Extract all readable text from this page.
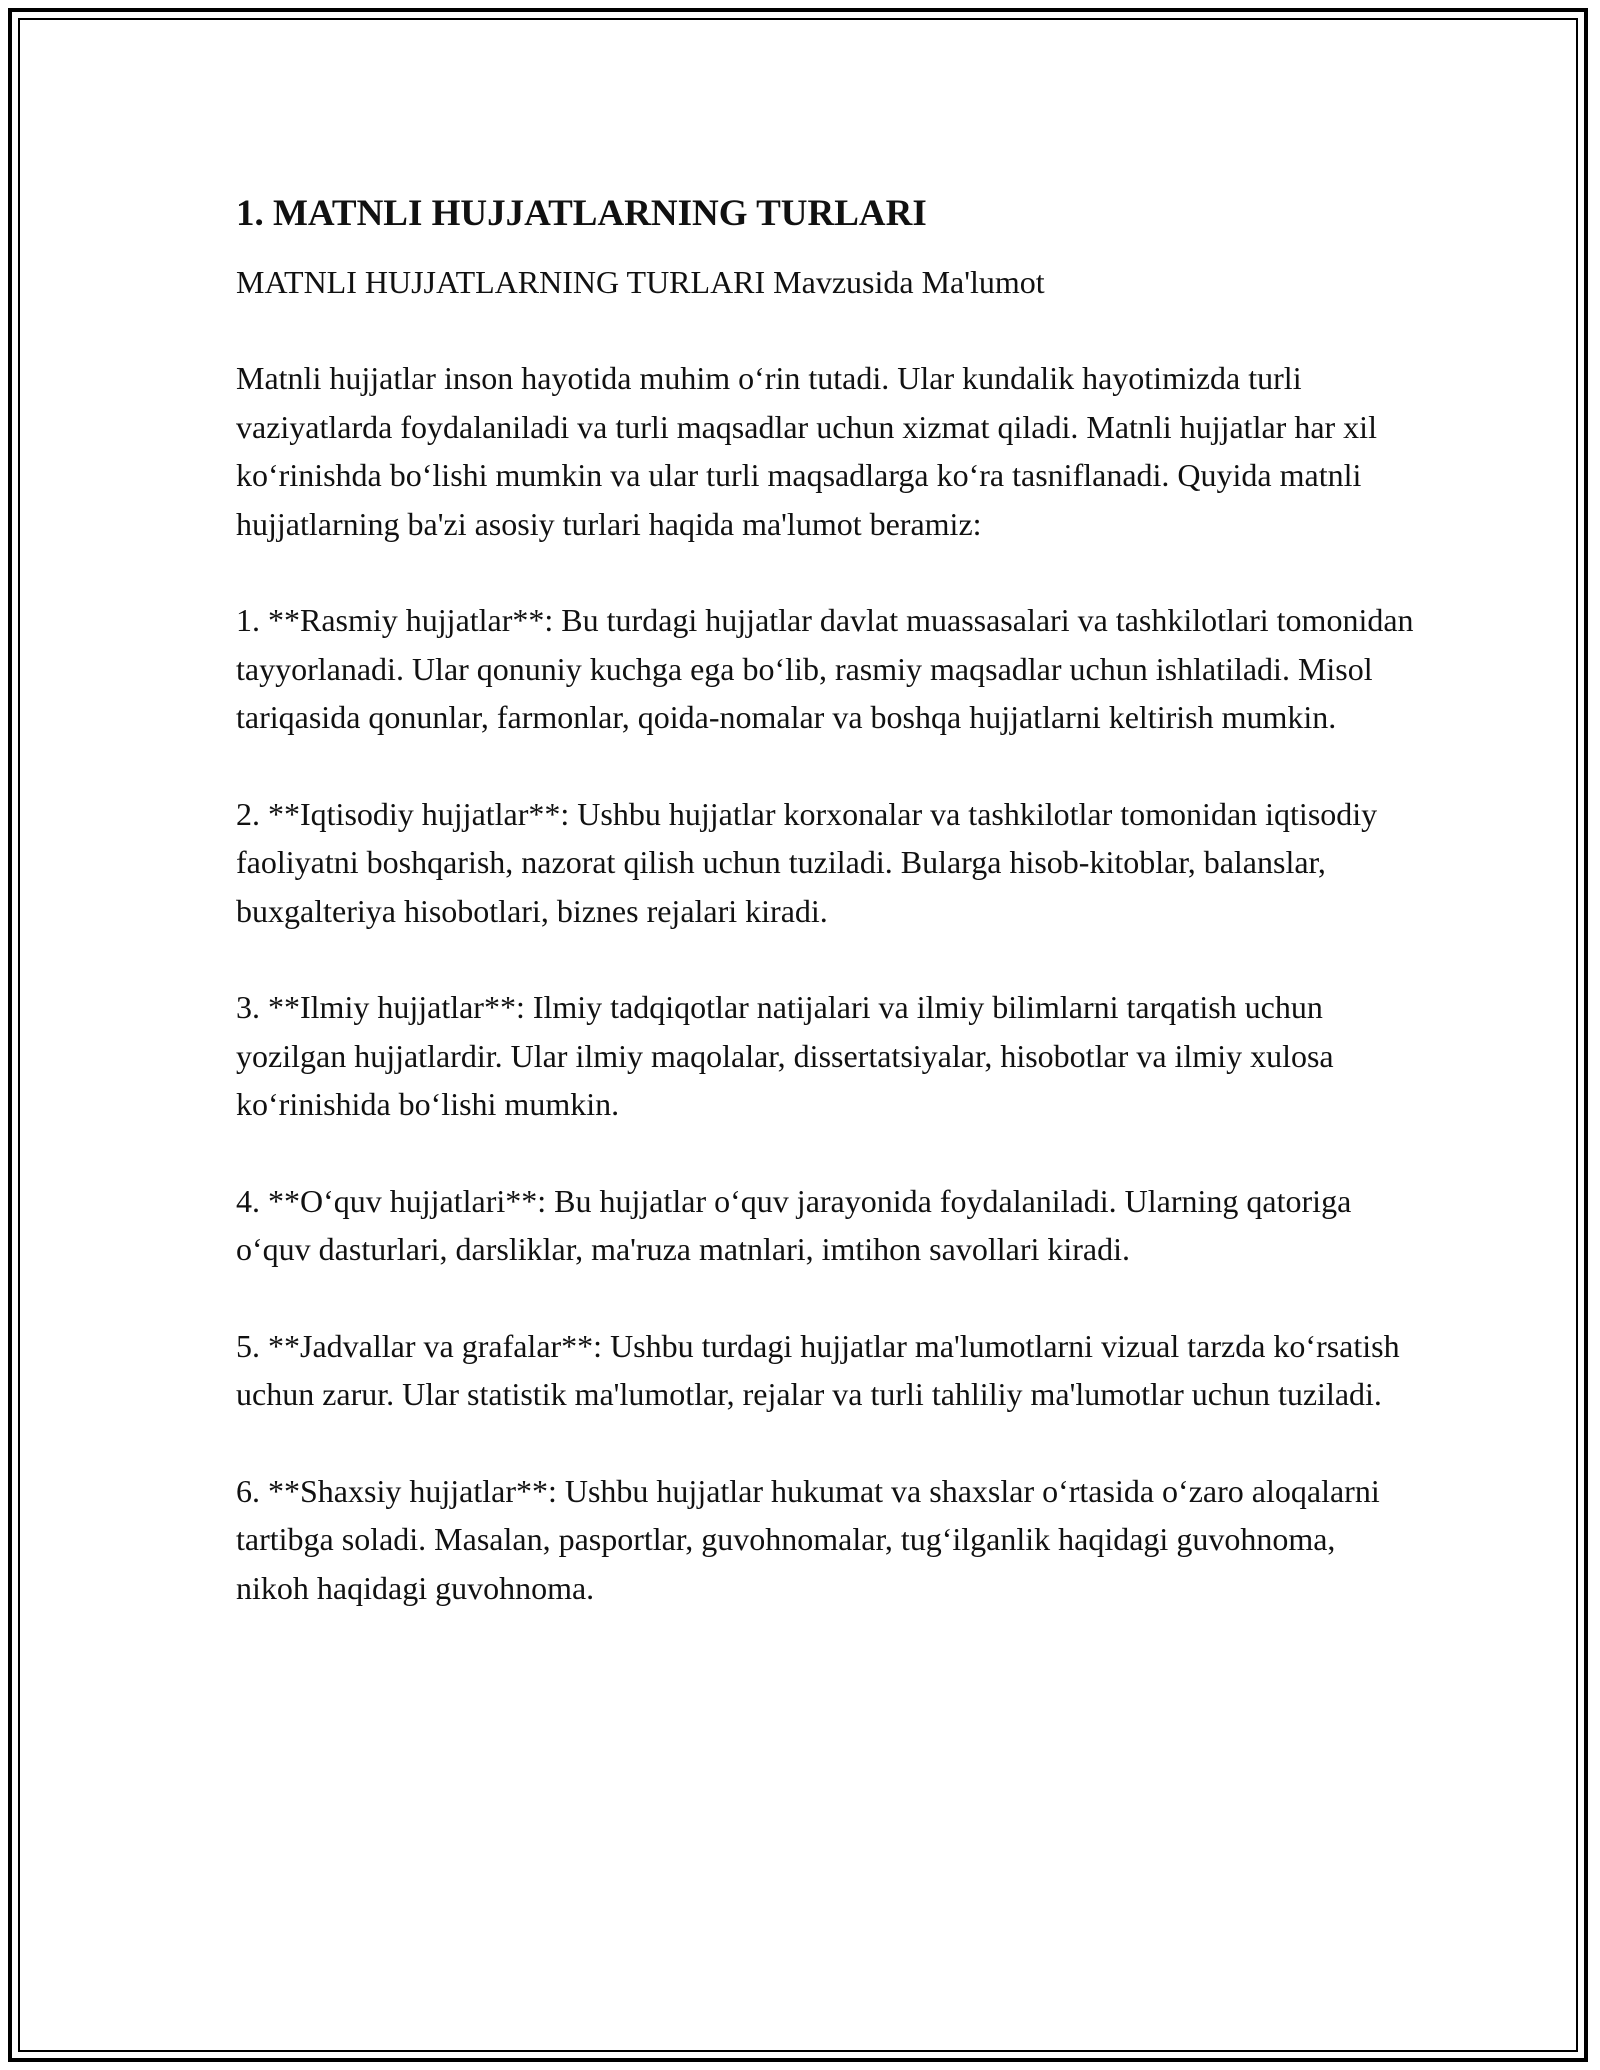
1. MATNLI HUJJATLARNING TURLARI

MATNLI HUJJATLARNING TURLARI Mavzusida Ma'lumot

Matnli hujjatlar inson hayotida muhim o‘rin tutadi. Ular kundalik hayotimizda turli vaziyatlarda foydalaniladi va turli maqsadlar uchun xizmat qiladi. Matnli hujjatlar har xil ko‘rinishda bo‘lishi mumkin va ular turli maqsadlarga ko‘ra tasniflanadi. Quyida matnli hujjatlarning ba'zi asosiy turlari haqida ma'lumot beramiz:

1. **Rasmiy hujjatlar**: Bu turdagi hujjatlar davlat muassasalari va tashkilotlari tomonidan tayyorlanadi. Ular qonuniy kuchga ega bo‘lib, rasmiy maqsadlar uchun ishlatiladi. Misol tariqasida qonunlar, farmonlar, qoida-nomalar va boshqa hujjatlarni keltirish mumkin.

2. **Iqtisodiy hujjatlar**: Ushbu hujjatlar korxonalar va tashkilotlar tomonidan iqtisodiy faoliyatni boshqarish, nazorat qilish uchun tuziladi. Bularga hisob-kitoblar, balanslar, buxgalteriya hisobotlari, biznes rejalari kiradi.

3. **Ilmiy hujjatlar**: Ilmiy tadqiqotlar natijalari va ilmiy bilimlarni tarqatish uchun yozilgan hujjatlardir. Ular ilmiy maqolalar, dissertatsiyalar, hisobotlar va ilmiy xulosa ko‘rinishida bo‘lishi mumkin.

4. **O‘quv hujjatlari**: Bu hujjatlar o‘quv jarayonida foydalaniladi. Ularning qatoriga o‘quv dasturlari, darsliklar, ma'ruza matnlari, imtihon savollari kiradi.

5. **Jadvallar va grafalar**: Ushbu turdagi hujjatlar ma'lumotlarni vizual tarzda ko‘rsatish uchun zarur. Ular statistik ma'lumotlar, rejalar va turli tahliliy ma'lumotlar uchun tuziladi.

6. **Shaxsiy hujjatlar**: Ushbu hujjatlar hukumat va shaxslar o‘rtasida o‘zaro aloqalarni tartibga soladi. Masalan, pasportlar, guvohnomalar, tug‘ilganlik haqidagi guvohnoma, nikoh haqidagi guvohnoma.
